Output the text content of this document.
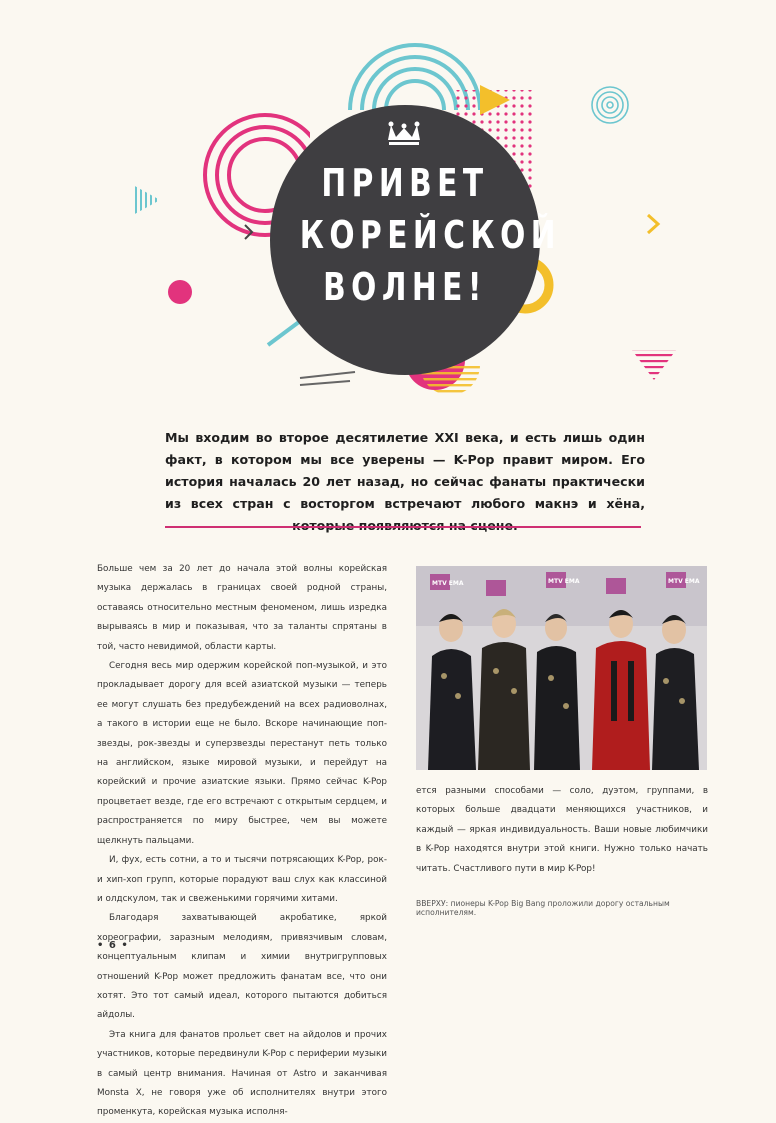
ПРИВЕТ
КОРЕЙСКОЙ
ВОЛНЕ!
Мы входим во второе десятилетие XXI века, и есть лишь один факт, в котором мы все уверены — K-Pop правит миром. Его история началась 20 лет назад, но сейчас фанаты практически из всех стран с восторгом встречают любого макнэ и хёна,

Больше чем за 20 лет до начала этой волны корейская музыка держалась в границах своей родной страны, оставаясь относительно местным феноменом, лишь изредка вырываясь в мир и показывая, что за таланты спрятаны в той, часто невидимой, области карты.

Сегодня весь мир одержим корейской поп-музыкой, и это прокладывает дорогу для всей азиатской музыки — теперь ее могут слушать без предубеждений на всех радиоволнах, а такого в истории еще не было. Вскоре начинающие поп-звезды, рок-звезды и суперзвезды перестанут петь только на английском, языке мировой музыки, и перейдут на корейский и прочие азиатские языки. Прямо сейчас K-Pop процветает везде, где его встречают с открытым сердцем, и распространяется по миру быстрее, чем вы можете щелкнуть пальцами.

И, фух, есть сотни, а то и тысячи потрясающих K-Pop, рок- и хип-хоп групп, которые порадуют ваш слух как классиной и олдскулом, так и свеженькими горячими хитами.

Благодаря захватывающей акробатике, яркой хореографии, заразным мелодиям, привязчивым словам, концептуальным клипам и химии внутригрупповых отношений K-Pop может предложить фанатам все, что они хотят. Это тот самый идеал, которого пытаются добиться айдолы.

Эта книга для фанатов прольет свет на айдолов и прочих участников, которые передвинули K-Pop с периферии музыки в самый центр внимания. Начиная от Astro и заканчивая Monsta X, не говоря уже об исполнителях внутри этого променкута, корейская музыка исполня-

MTV EMA	MTV EMA	MTV EMA

ется разными способами — соло, дуэтом, группами, в которых больше двадцати меняющихся участников, и каждый — яркая индивидуальность. Ваши новые любимчики в K-Pop находятся внутри этой книги. Нужно только начать читать. Счастливого пути в мир K-Pop!

ВВЕРХУ: пионеры K-Pop Big Bang проложили дорогу остальным исполнителям.
• 6 •
